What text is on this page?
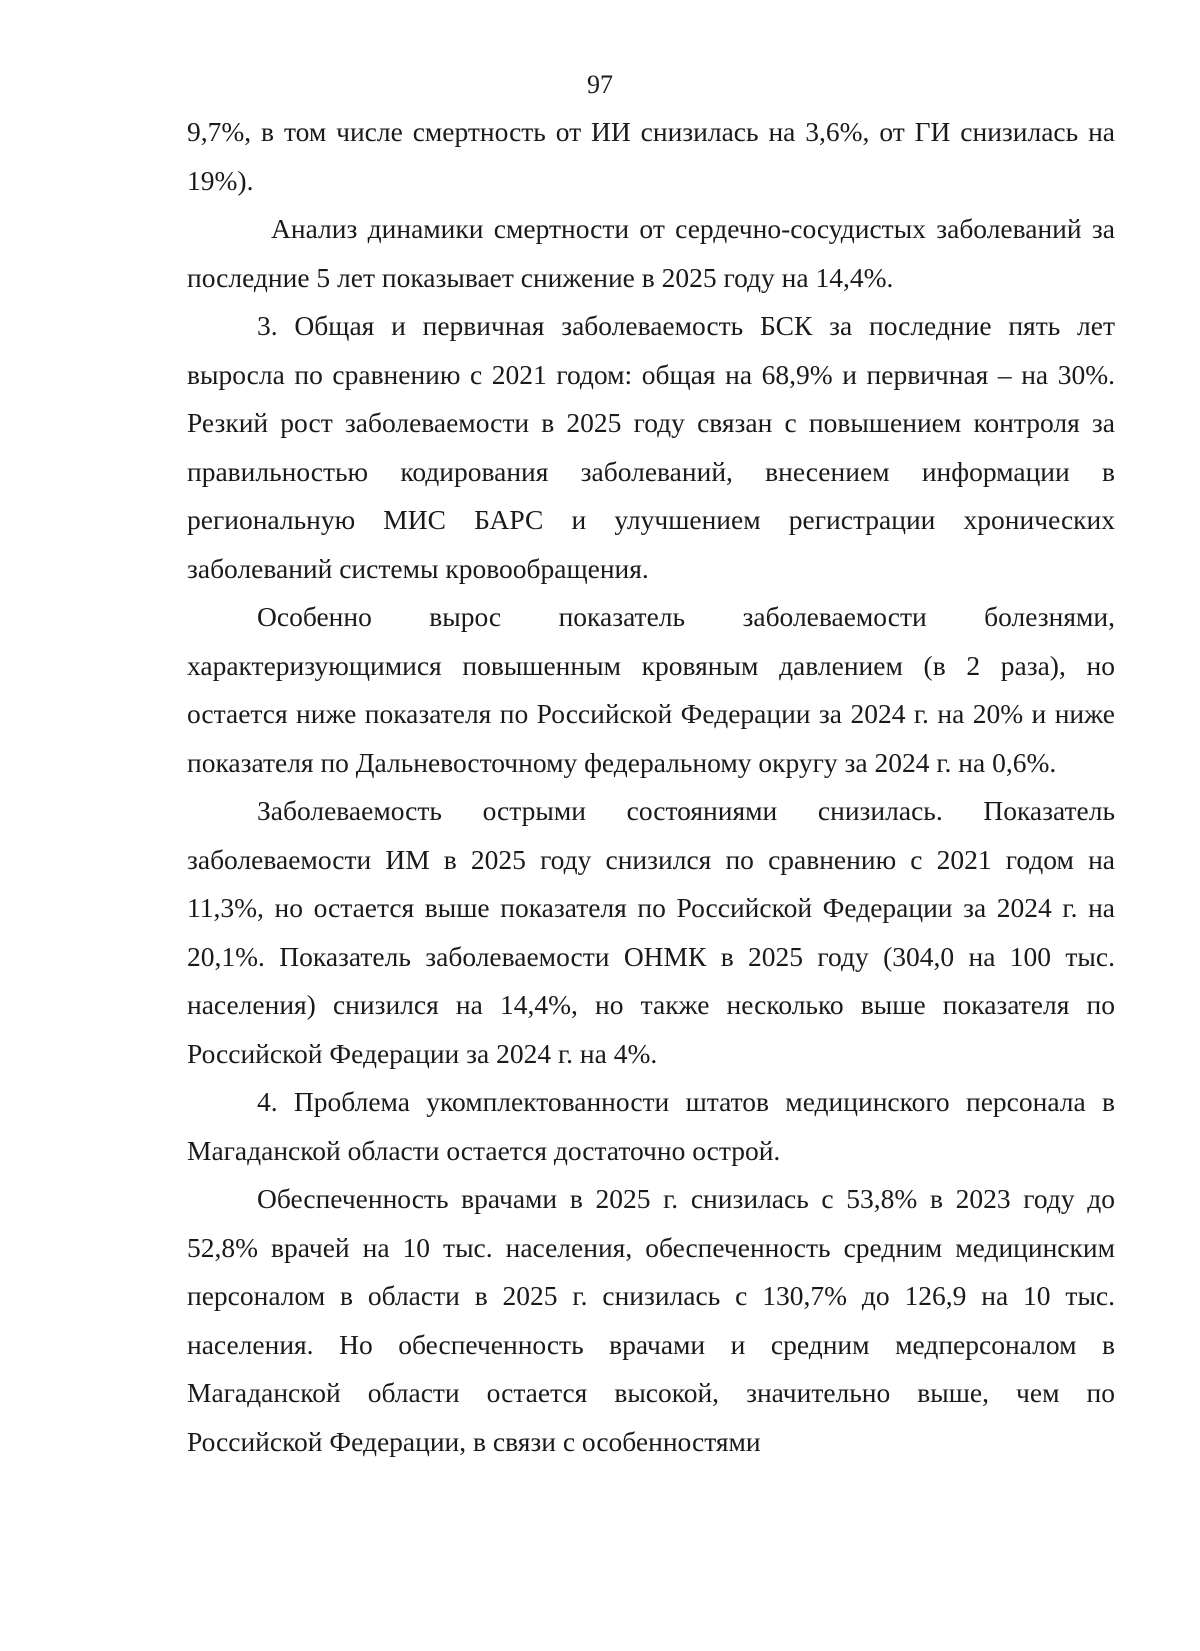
97

9,7%, в том числе смертность от ИИ снизилась на 3,6%, от ГИ снизилась на 19%).

Анализ динамики смертности от сердечно-сосудистых заболеваний за последние 5 лет показывает снижение в 2025 году на 14,4%.

3. Общая и первичная заболеваемость БСК за последние пять лет выросла по сравнению с 2021 годом: общая на 68,9% и первичная – на 30%. Резкий рост заболеваемости в 2025 году связан с повышением контроля за правильностью кодирования заболеваний, внесением информации в региональную МИС БАРС и улучшением регистрации хронических заболеваний системы кровообращения.

Особенно вырос показатель заболеваемости болезнями, характеризующимися повышенным кровяным давлением (в 2 раза), но остается ниже показателя по Российской Федерации за 2024 г. на 20% и ниже показателя по Дальневосточному федеральному округу за 2024 г. на 0,6%.

Заболеваемость острыми состояниями снизилась. Показатель заболеваемости ИМ в 2025 году снизился по сравнению с 2021 годом на 11,3%, но остается выше показателя по Российской Федерации за 2024 г. на 20,1%. Показатель заболеваемости ОНМК в 2025 году (304,0 на 100 тыс. населения) снизился на 14,4%, но также несколько выше показателя по Российской Федерации за 2024 г. на 4%.

4. Проблема укомплектованности штатов медицинского персонала в Магаданской области остается достаточно острой.

Обеспеченность врачами в 2025 г. снизилась с 53,8% в 2023 году до 52,8% врачей на 10 тыс. населения, обеспеченность средним медицинским персоналом в области в 2025 г. снизилась с 130,7% до 126,9 на 10 тыс. населения. Но обеспеченность врачами и средним медперсоналом в Магаданской области остается высокой, значительно выше, чем по Российской Федерации, в связи с особенностями
